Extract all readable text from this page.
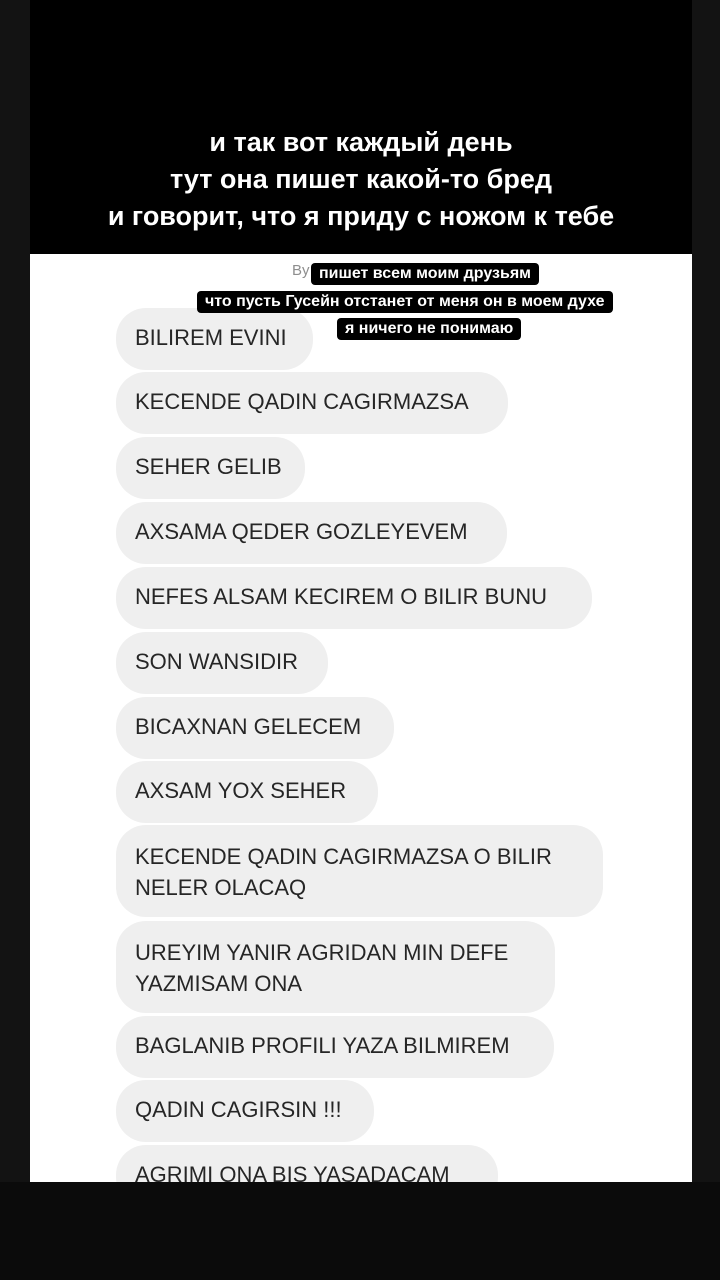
и так вот каждый день
тут она пишет какой-то бред
и говорит, что я приду с ножом к тебе
By
BILIREM EVINI
KECENDE QADIN CAGIRMAZSA
SEHER GELIB
AXSAMA QEDER GOZLEYEVEM
NEFES ALSAM KECIREM O BILIR BUNU
SON WANSIDIR
BICAXNAN GELECEM
AXSAM YOX SEHER
KECENDE QADIN CAGIRMAZSA O BILIR
NELER OLACAQ
UREYIM YANIR AGRIDAN MIN DEFE
YAZMISAM ONA
BAGLANIB PROFILI YAZA BILMIREM
QADIN CAGIRSIN !!!
AGRIMI ONA BIS YASADACAM
пишет всем моим друзьям
что пусть Гусейн отстанет от меня он в моем духе
я ничего не понимаю
